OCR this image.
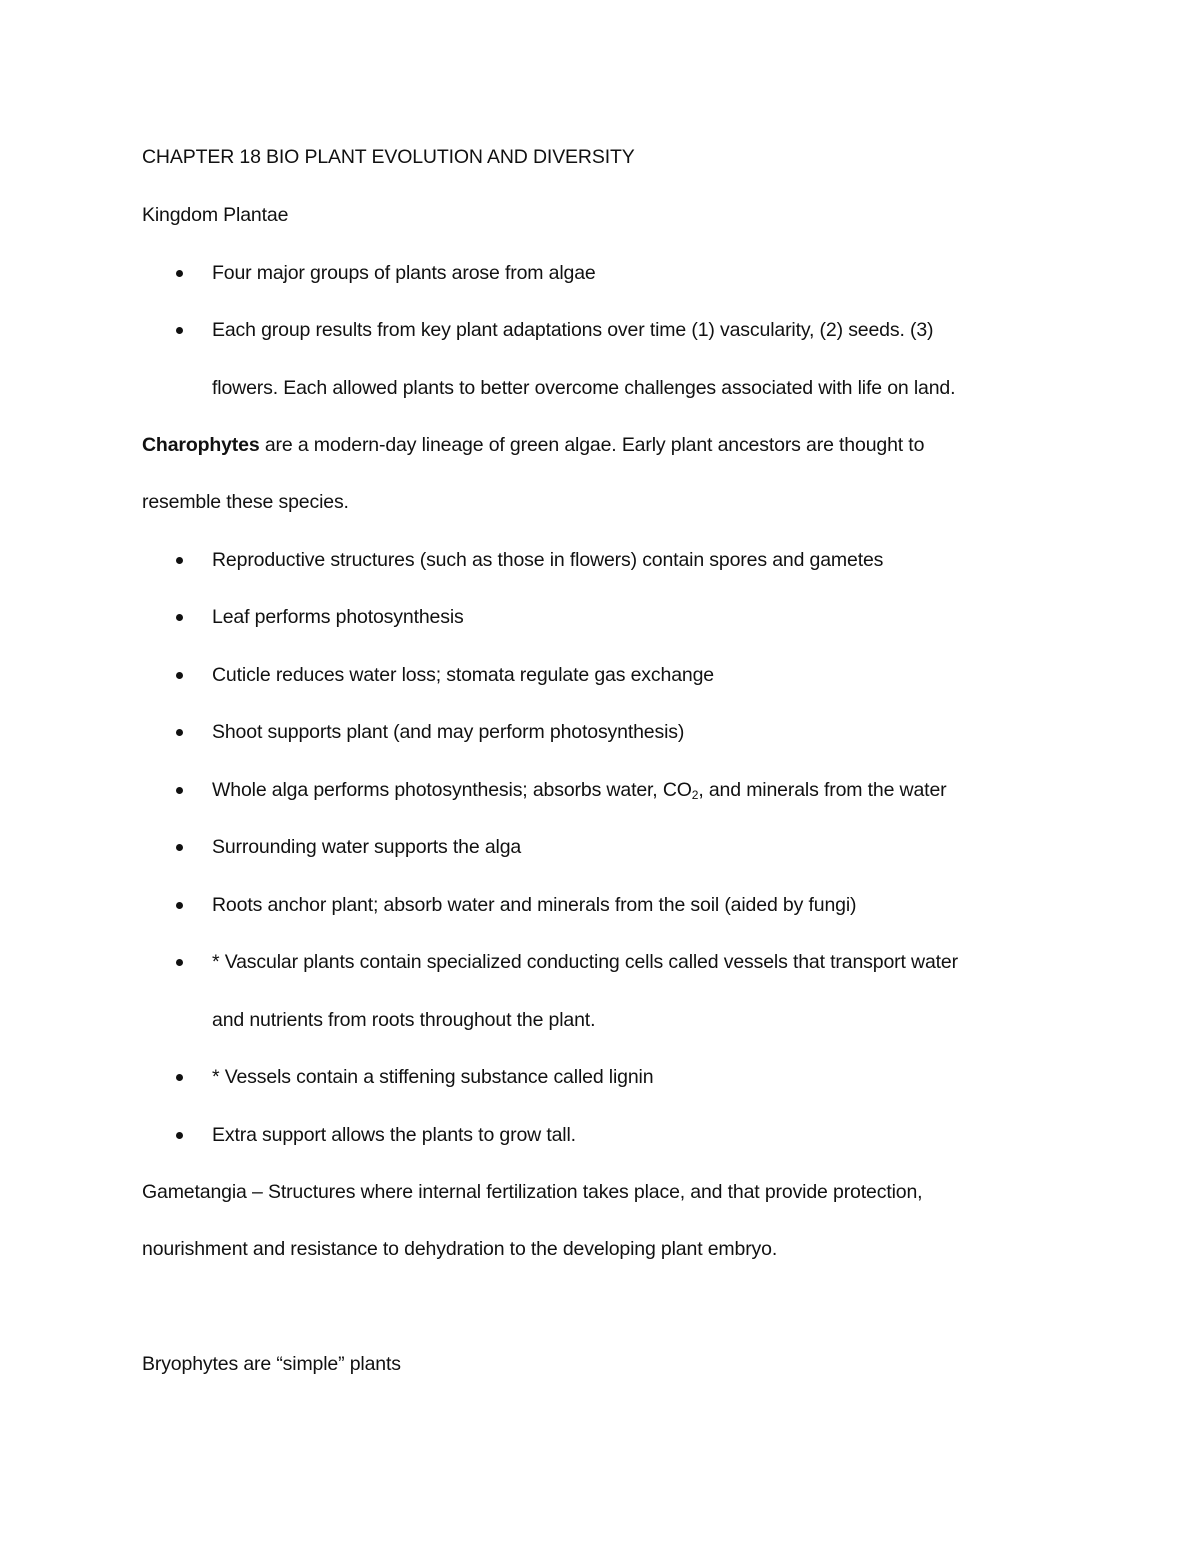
CHAPTER 18 BIO PLANT EVOLUTION AND DIVERSITY
Kingdom Plantae
Four major groups of plants arose from algae
Each group results from key plant adaptations over time (1) vascularity, (2) seeds. (3)
flowers. Each allowed plants to better overcome challenges associated with life on land.
Charophytes are a modern-day lineage of green algae. Early plant ancestors are thought to
resemble these species.
Reproductive structures (such as those in flowers) contain spores and gametes
Leaf performs photosynthesis
Cuticle reduces water loss; stomata regulate gas exchange
Shoot supports plant (and may perform photosynthesis)
Whole alga performs photosynthesis; absorbs water, $CO_2$, and minerals from the water
Surrounding water supports the alga
Roots anchor plant; absorb water and minerals from the soil (aided by fungi)
* Vascular plants contain specialized conducting cells called vessels that transport water
and nutrients from roots throughout the plant.
* Vessels contain a stiffening substance called lignin
Extra support allows the plants to grow tall.
Gametangia – Structures where internal fertilization takes place, and that provide protection,
nourishment and resistance to dehydration to the developing plant embryo.
Bryophytes are “simple” plants
